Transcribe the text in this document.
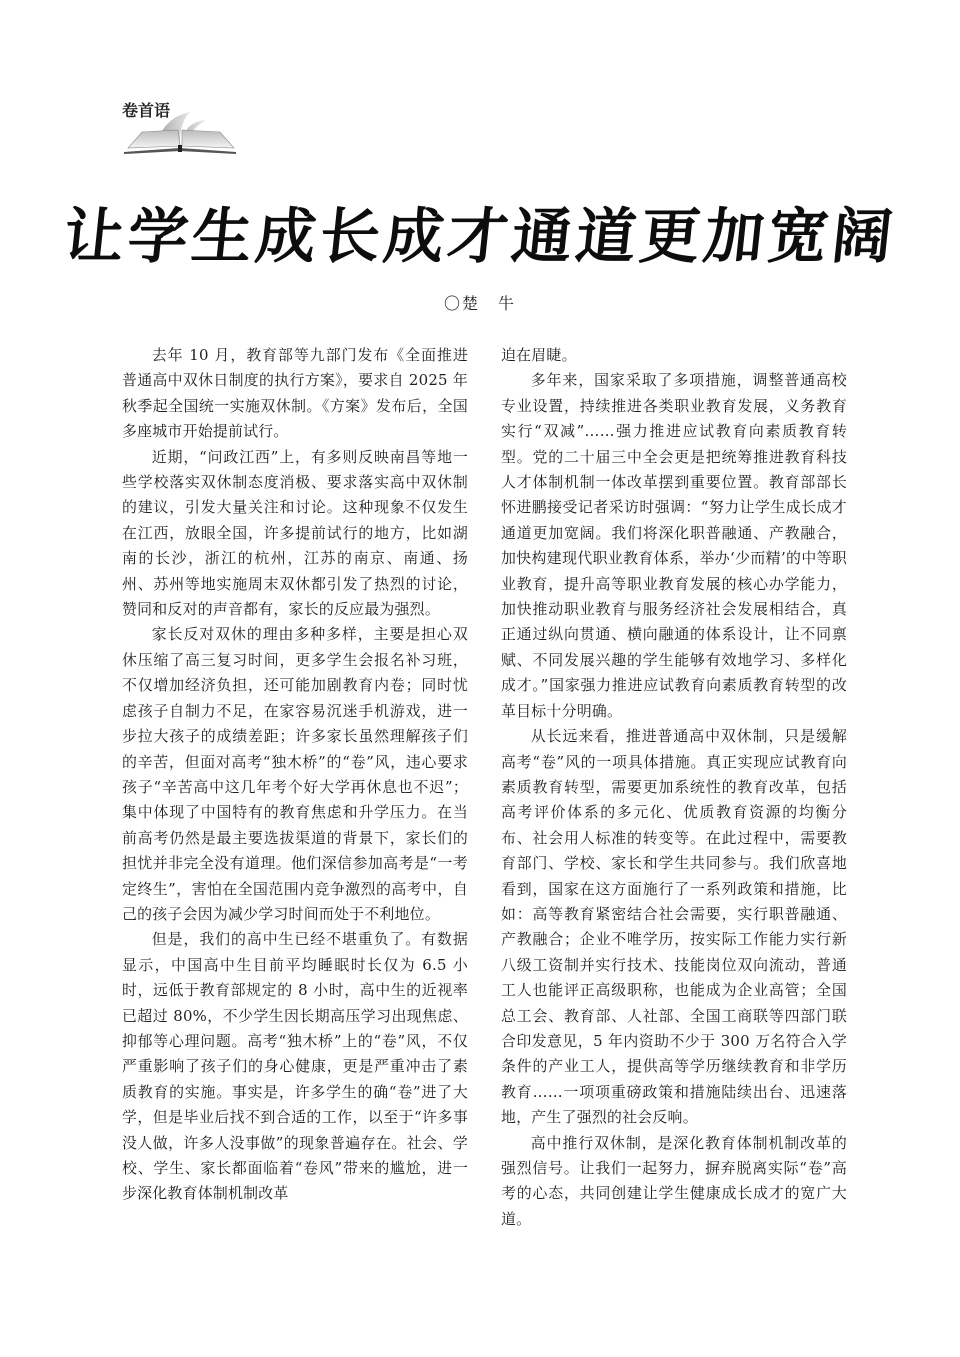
卷首语
让学生成长成才通道更加宽阔
〇楚　牛

去年 10 月，教育部等九部门发布《全面推进普通高中双休日制度的执行方案》，要求自 2025 年秋季起全国统一实施双休制。《方案》发布后，全国多座城市开始提前试行。

近期，“问政江西”上，有多则反映南昌等地一些学校落实双休制态度消极、要求落实高中双休制的建议，引发大量关注和讨论。这种现象不仅发生在江西，放眼全国，许多提前试行的地方，比如湖南的长沙，浙江的杭州，江苏的南京、南通、扬州、苏州等地实施周末双休都引发了热烈的讨论，赞同和反对的声音都有，家长的反应最为强烈。

家长反对双休的理由多种多样，主要是担心双休压缩了高三复习时间，更多学生会报名补习班，不仅增加经济负担，还可能加剧教育内卷；同时忧虑孩子自制力不足，在家容易沉迷手机游戏，进一步拉大孩子的成绩差距；许多家长虽然理解孩子们的辛苦，但面对高考“独木桥”的“卷”风，违心要求孩子“辛苦高中这几年考个好大学再休息也不迟”；集中体现了中国特有的教育焦虑和升学压力。在当前高考仍然是最主要选拔渠道的背景下，家长们的担忧并非完全没有道理。他们深信参加高考是“一考定终生”，害怕在全国范围内竞争激烈的高考中，自己的孩子会因为减少学习时间而处于不利地位。

但是，我们的高中生已经不堪重负了。有数据显示，中国高中生目前平均睡眠时长仅为 6.5 小时，远低于教育部规定的 8 小时，高中生的近视率已超过 80%，不少学生因长期高压学习出现焦虑、抑郁等心理问题。高考“独木桥”上的“卷”风，不仅严重影响了孩子们的身心健康，更是严重冲击了素质教育的实施。事实是，许多学生的确“卷”进了大学，但是毕业后找不到合适的工作，以至于“许多事没人做，许多人没事做”的现象普遍存在。社会、学校、学生、家长都面临着“卷风”带来的尴尬，进一步深化教育体制机制改革

迫在眉睫。

多年来，国家采取了多项措施，调整普通高校专业设置，持续推进各类职业教育发展，义务教育实行“双减”……强力推进应试教育向素质教育转型。党的二十届三中全会更是把统筹推进教育科技人才体制机制一体改革摆到重要位置。教育部部长怀进鹏接受记者采访时强调：“努力让学生成长成才通道更加宽阔。我们将深化职普融通、产教融合，加快构建现代职业教育体系，举办‘少而精’的中等职业教育，提升高等职业教育发展的核心办学能力，加快推动职业教育与服务经济社会发展相结合，真正通过纵向贯通、横向融通的体系设计，让不同禀赋、不同发展兴趣的学生能够有效地学习、多样化成才。”国家强力推进应试教育向素质教育转型的改革目标十分明确。

从长远来看，推进普通高中双休制，只是缓解高考“卷”风的一项具体措施。真正实现应试教育向素质教育转型，需要更加系统性的教育改革，包括高考评价体系的多元化、优质教育资源的均衡分布、社会用人标准的转变等。在此过程中，需要教育部门、学校、家长和学生共同参与。我们欣喜地看到，国家在这方面施行了一系列政策和措施，比如：高等教育紧密结合社会需要，实行职普融通、产教融合；企业不唯学历，按实际工作能力实行新八级工资制并实行技术、技能岗位双向流动，普通工人也能评正高级职称，也能成为企业高管；全国总工会、教育部、人社部、全国工商联等四部门联合印发意见，5 年内资助不少于 300 万名符合入学条件的产业工人，提供高等学历继续教育和非学历教育……一项项重磅政策和措施陆续出台、迅速落地，产生了强烈的社会反响。

高中推行双休制，是深化教育体制机制改革的强烈信号。让我们一起努力，摒弃脱离实际“卷”高考的心态，共同创建让学生健康成长成才的宽广大道。
